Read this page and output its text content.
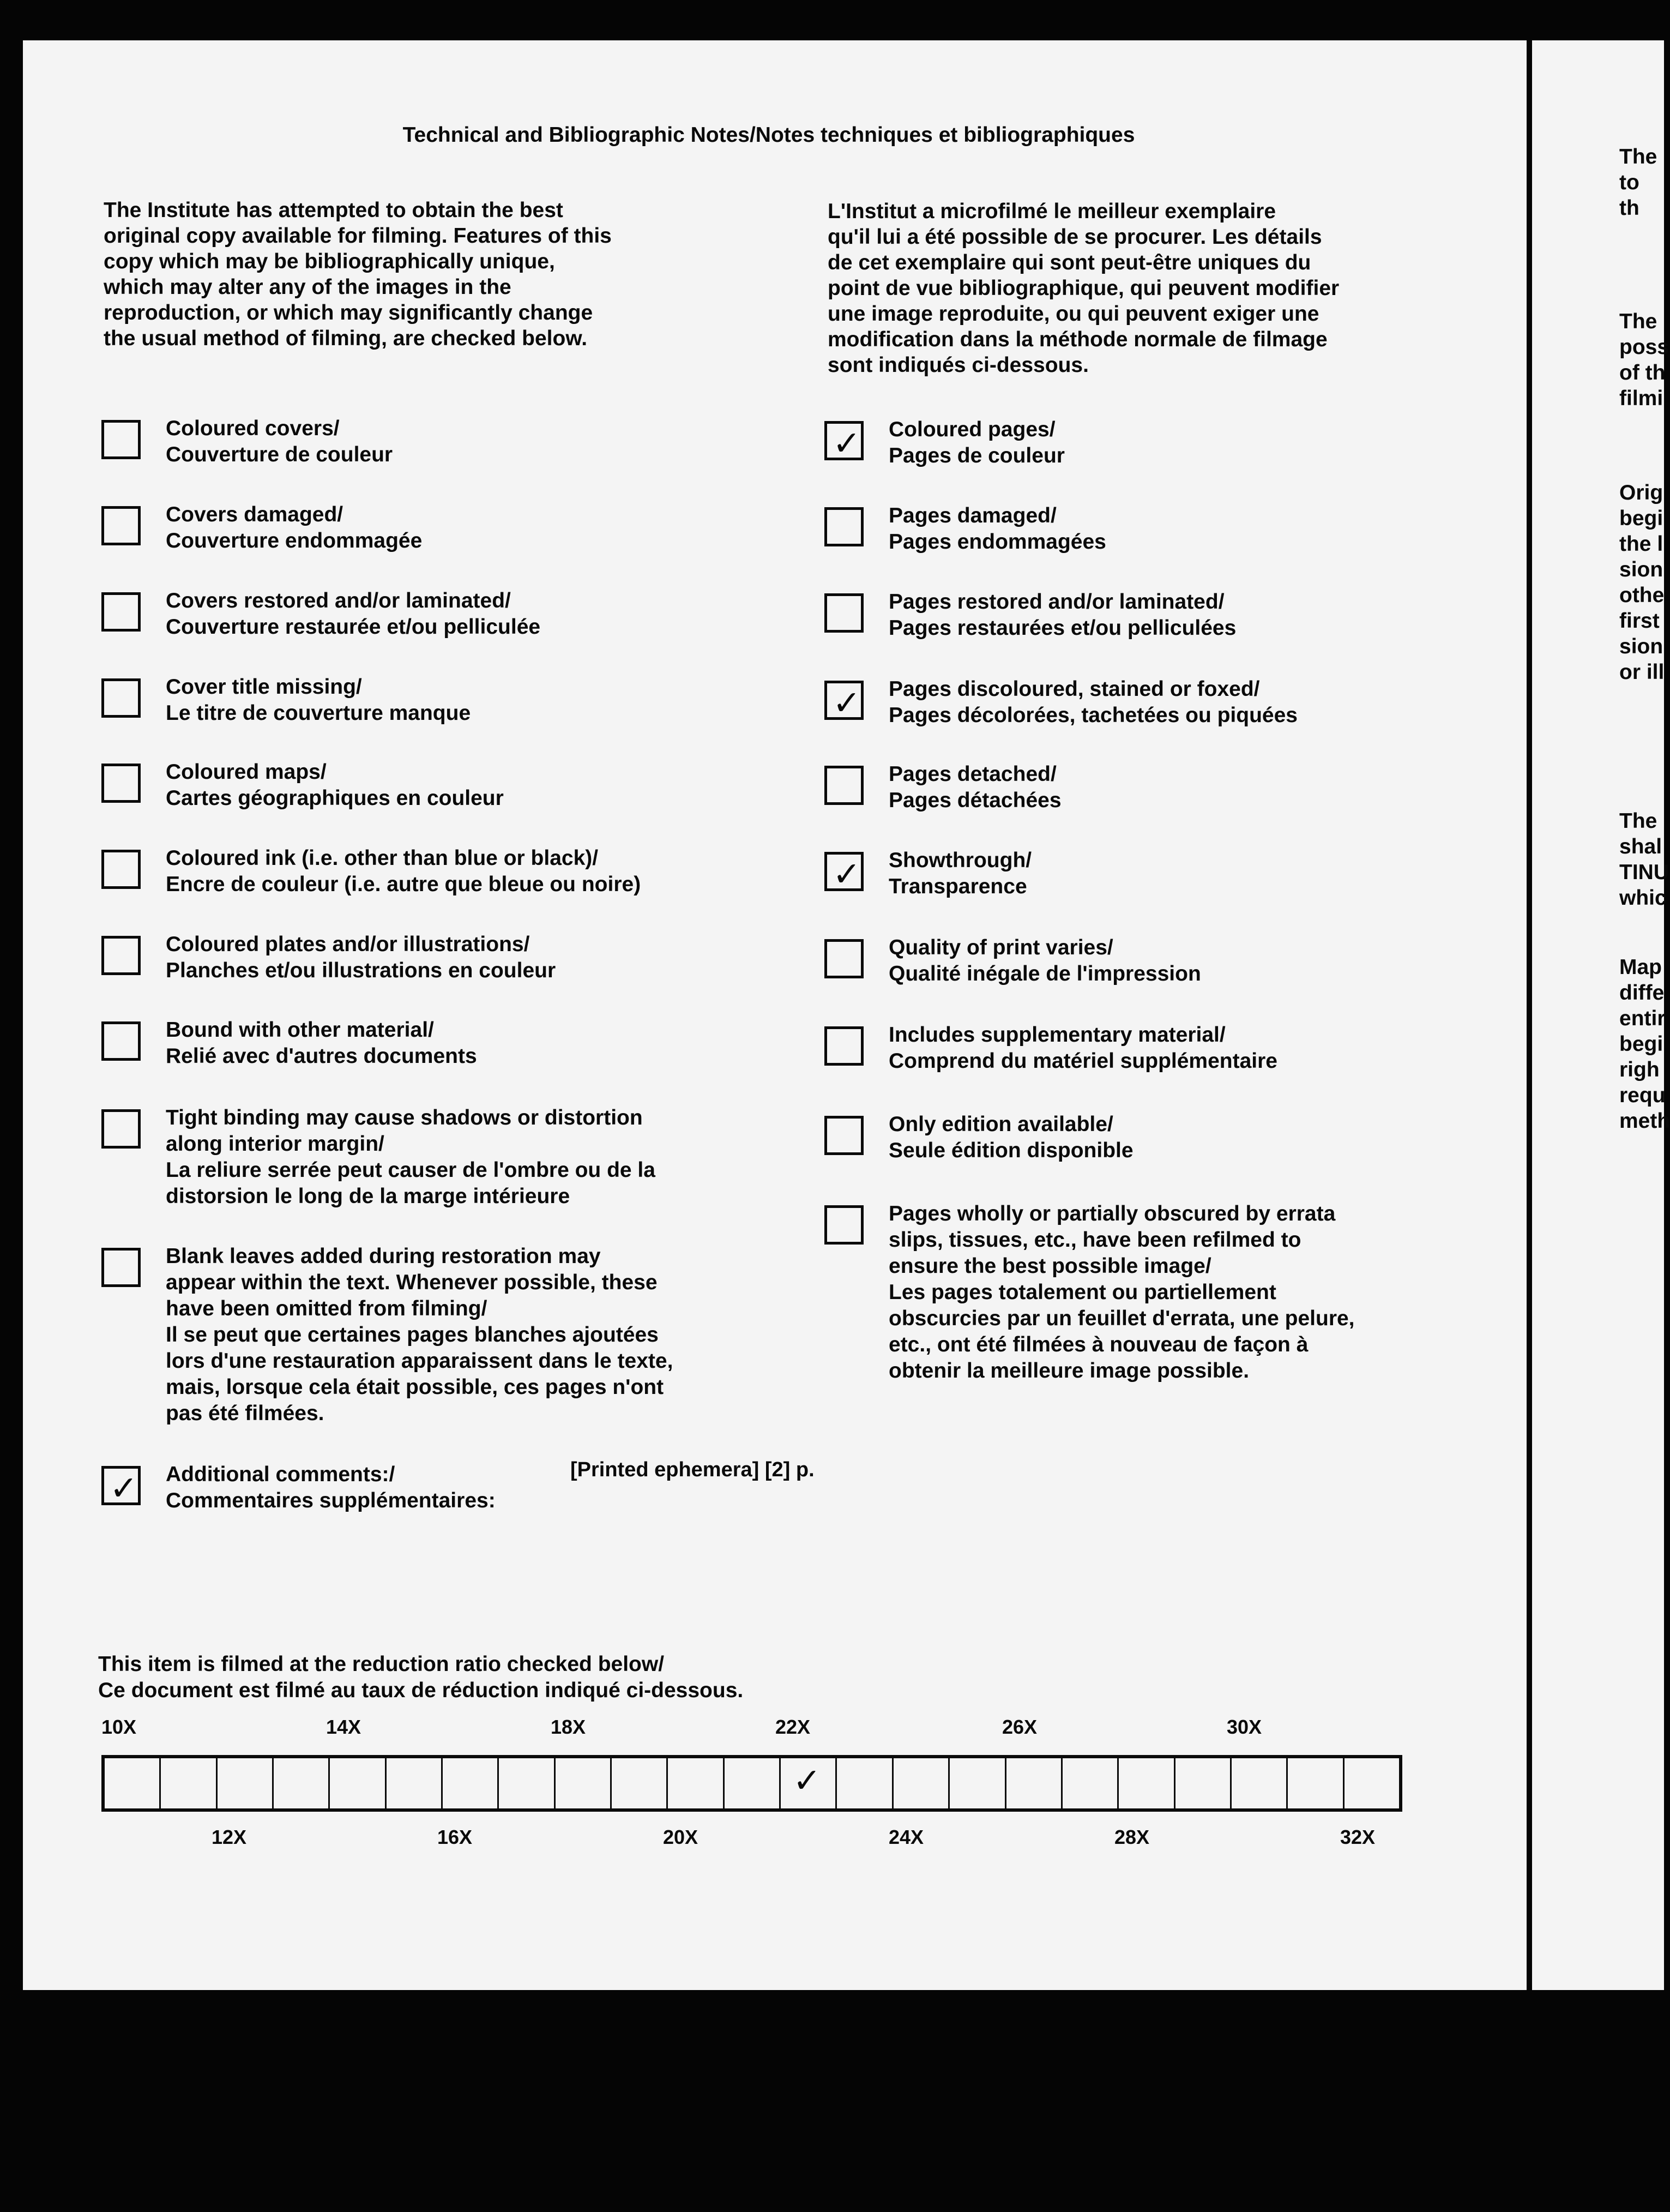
Technical and Bibliographic Notes/Notes techniques et bibliographiques
The Institute has attempted to obtain the best
original copy available for filming. Features of this
copy which may be bibliographically unique,
which may alter any of the images in the
reproduction, or which may significantly change
the usual method of filming, are checked below.
L'Institut a microfilmé le meilleur exemplaire
qu'il lui a été possible de se procurer. Les détails
de cet exemplaire qui sont peut-être uniques du
point de vue bibliographique, qui peuvent modifier
une image reproduite, ou qui peuvent exiger une
modification dans la méthode normale de filmage
sont indiqués ci-dessous.
Coloured covers/
Couverture de couleur
Covers damaged/
Couverture endommagée
Covers restored and/or laminated/
Couverture restaurée et/ou pelliculée
Cover title missing/
Le titre de couverture manque
Coloured maps/
Cartes géographiques en couleur
Coloured ink (i.e. other than blue or black)/
Encre de couleur (i.e. autre que bleue ou noire)
Coloured plates and/or illustrations/
Planches et/ou illustrations en couleur
Bound with other material/
Relié avec d'autres documents
Tight binding may cause shadows or distortion
along interior margin/
La reliure serrée peut causer de l'ombre ou de la
distorsion le long de la marge intérieure
Blank leaves added during restoration may
appear within the text. Whenever possible, these
have been omitted from filming/
Il se peut que certaines pages blanches ajoutées
lors d'une restauration apparaissent dans le texte,
mais, lorsque cela était possible, ces pages n'ont
pas été filmées.
✓ Additional comments:/
Commentaires supplémentaires:
✓ Coloured pages/
Pages de couleur
Pages damaged/
Pages endommagées
Pages restored and/or laminated/
Pages restaurées et/ou pelliculées
✓ Pages discoloured, stained or foxed/
Pages décolorées, tachetées ou piquées
Pages detached/
Pages détachées
✓ Showthrough/
Transparence
Quality of print varies/
Qualité inégale de l'impression
Includes supplementary material/
Comprend du matériel supplémentaire
Only edition available/
Seule édition disponible
Pages wholly or partially obscured by errata
slips, tissues, etc., have been refilmed to
ensure the best possible image/
Les pages totalement ou partiellement
obscurcies par un feuillet d'errata, une pelure,
etc., ont été filmées à nouveau de façon à
obtenir la meilleure image possible.
[Printed ephemera] [2] p.
This item is filmed at the reduction ratio checked below/
Ce document est filmé au taux de réduction indiqué ci-dessous.
10X	14X	18X	22X	26X	30X
✓
12X	16X	20X	24X	28X	32X
The
to th
The
poss
of th
filmi
Orig
begi
the l
sion
othe
first
sion
or ill
The
shal
TINU
whic
Map
diffe
entir
begi
righ
requ
meth
